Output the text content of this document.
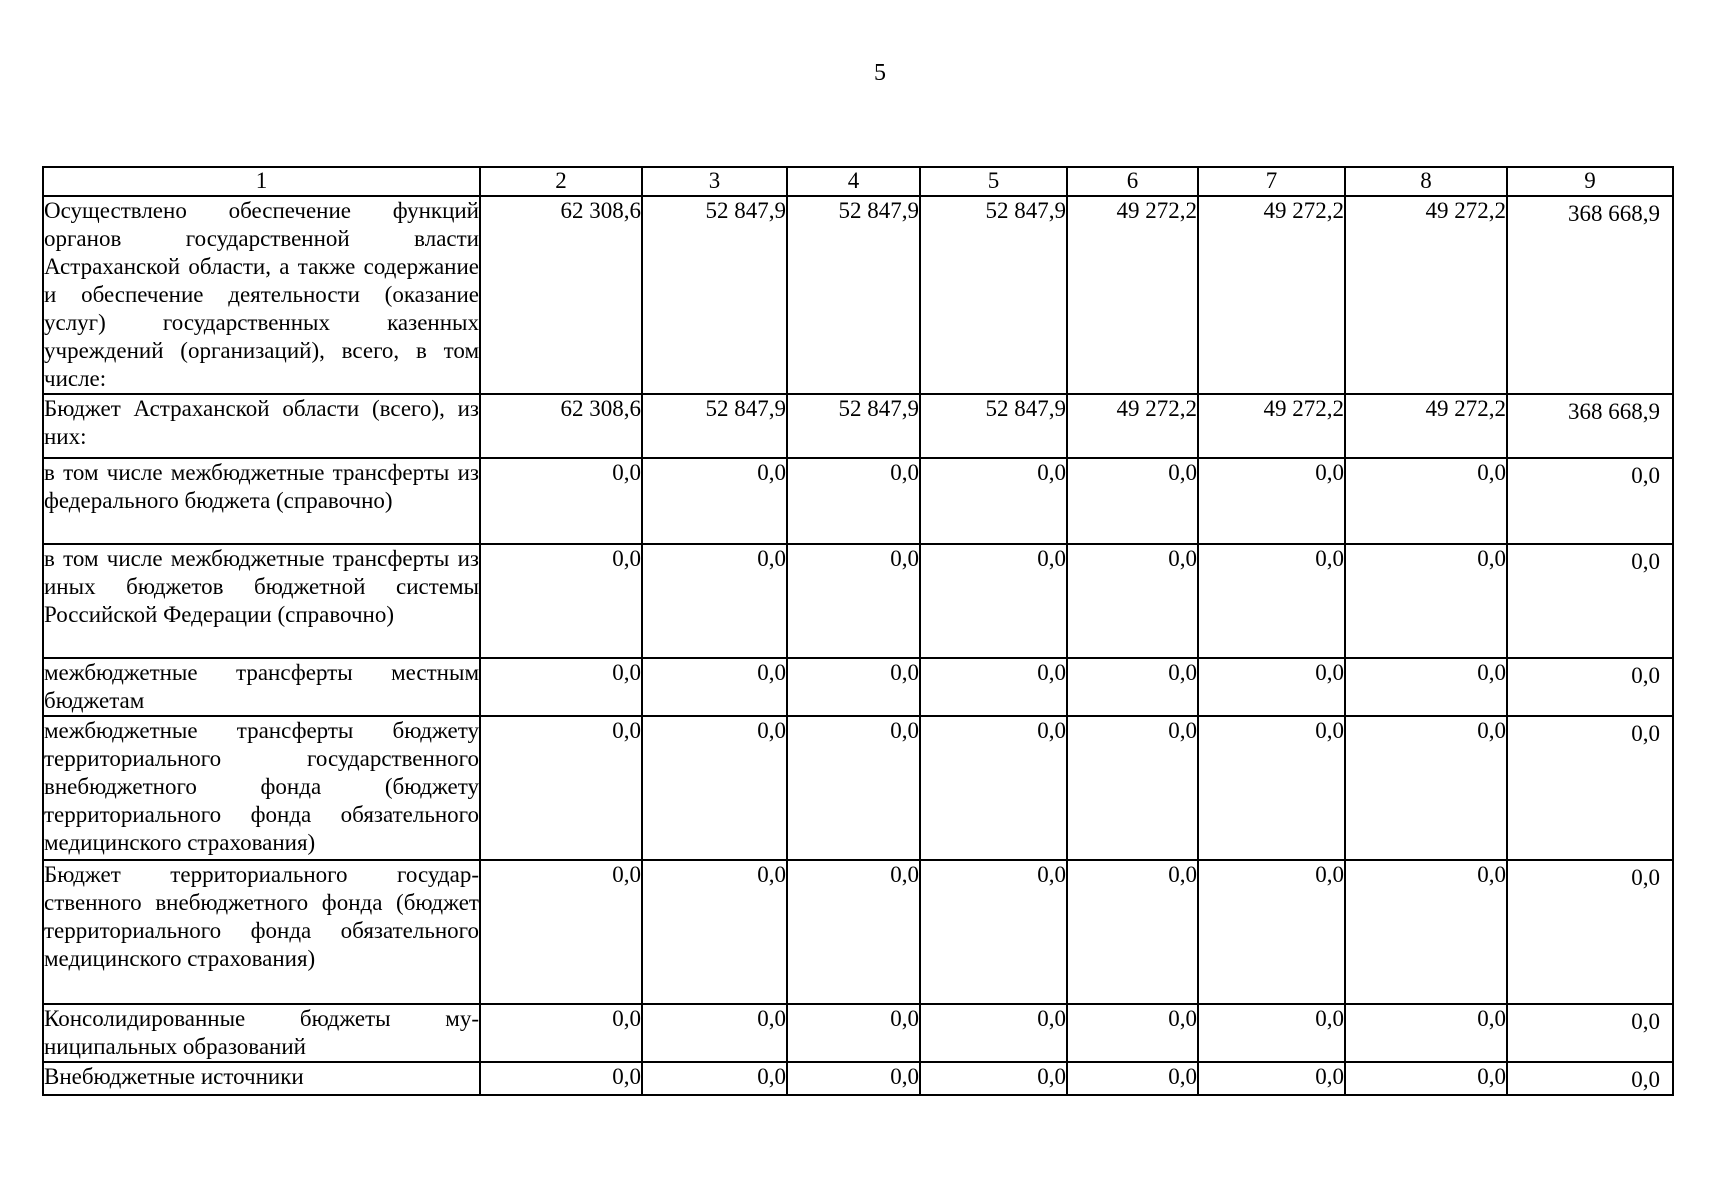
5
1	2	3	4	5	6	7	8	9
Осуществлено обеспечение функций органов государственной власти Астраханской области, а также содержание и обеспечение деятельности (оказание услуг) государственных казенных учреждений (организаций), всего, в том числе:	62 308,6	52 847,9	52 847,9	52 847,9	49 272,2	49 272,2	49 272,2	368 668,9
Бюджет Астраханской области (всего), из них:	62 308,6	52 847,9	52 847,9	52 847,9	49 272,2	49 272,2	49 272,2	368 668,9
в том числе межбюджетные трансферты из федерального бюджета (справочно)	0,0	0,0	0,0	0,0	0,0	0,0	0,0	0,0
в том числе межбюджетные трансферты из иных бюджетов бюджетной системы Российской Федерации (справочно)	0,0	0,0	0,0	0,0	0,0	0,0	0,0	0,0
межбюджетные трансферты местным бюджетам	0,0	0,0	0,0	0,0	0,0	0,0	0,0	0,0
межбюджетные трансферты бюджету территориального государственного внебюджетного фонда (бюджету территориального фонда обязательного медицинского страхования)	0,0	0,0	0,0	0,0	0,0	0,0	0,0	0,0
Бюджет территориального государственного внебюджетного фонда (бюджет территориального фонда обязательного медицинского страхования)	0,0	0,0	0,0	0,0	0,0	0,0	0,0	0,0
Консолидированные бюджеты муниципальных образований	0,0	0,0	0,0	0,0	0,0	0,0	0,0	0,0
Внебюджетные источники	0,0	0,0	0,0	0,0	0,0	0,0	0,0	0,0
